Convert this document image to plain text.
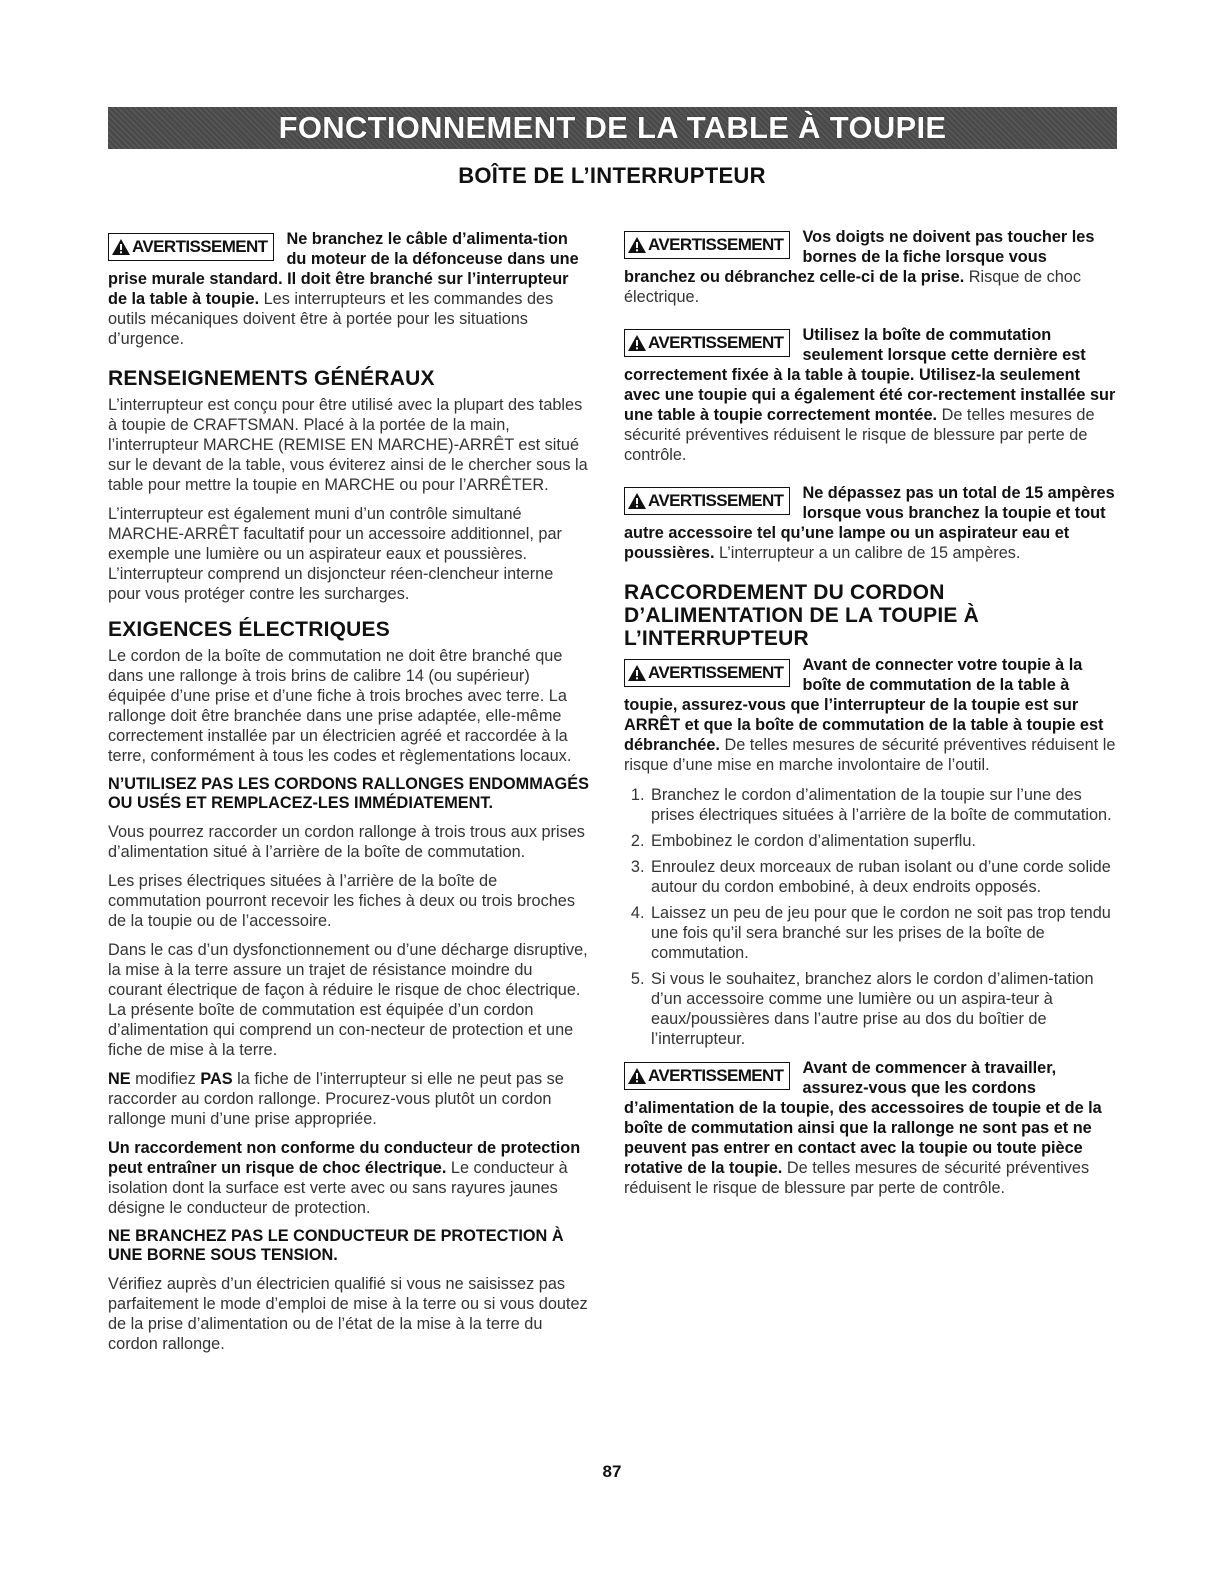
FONCTIONNEMENT DE LA TABLE À TOUPIE
BOÎTE DE L’INTERRUPTEUR

AVERTISSEMENT Ne branchez le câble d’alimenta-tion du moteur de la défonceuse dans une prise murale standard. Il doit être branché sur l’interrupteur de la table à toupie. Les interrupteurs et les commandes des outils mécaniques doivent être à portée pour les situations d’urgence.

RENSEIGNEMENTS GÉNÉRAUX

L’interrupteur est conçu pour être utilisé avec la plupart des tables à toupie de CRAFTSMAN. Placé à la portée de la main, l’interrupteur MARCHE (REMISE EN MARCHE)-ARRÊT est situé sur le devant de la table, vous éviterez ainsi de le chercher sous la table pour mettre la toupie en MARCHE ou pour l’ARRÊTER.

L’interrupteur est également muni d’un contrôle simultané MARCHE-ARRÊT facultatif pour un accessoire additionnel, par exemple une lumière ou un aspirateur eaux et poussières. L’interrupteur comprend un disjoncteur réen-clencheur interne pour vous protéger contre les surcharges.

EXIGENCES ÉLECTRIQUES

Le cordon de la boîte de commutation ne doit être branché que dans une rallonge à trois brins de calibre 14 (ou supérieur) équipée d’une prise et d’une fiche à trois broches avec terre. La rallonge doit être branchée dans une prise adaptée, elle-même correctement installée par un électricien agréé et raccordée à la terre, conformément à tous les codes et règlementations locaux.

N’UTILISEZ PAS LES CORDONS RALLONGES ENDOMMAGÉS OU USÉS ET REMPLACEZ-LES IMMÉDIATEMENT.

Vous pourrez raccorder un cordon rallonge à trois trous aux prises d’alimentation situé à l’arrière de la boîte de commutation.

Les prises électriques situées à l’arrière de la boîte de commutation pourront recevoir les fiches à deux ou trois broches de la toupie ou de l’accessoire.

Dans le cas d’un dysfonctionnement ou d’une décharge disruptive, la mise à la terre assure un trajet de résistance moindre du courant électrique de façon à réduire le risque de choc électrique. La présente boîte de commutation est équipée d’un cordon d’alimentation qui comprend un con-necteur de protection et une fiche de mise à la terre.

NE modifiez PAS la fiche de l’interrupteur si elle ne peut pas se raccorder au cordon rallonge. Procurez-vous plutôt un cordon rallonge muni d’une prise appropriée.

Un raccordement non conforme du conducteur de protection peut entraîner un risque de choc électrique. Le conducteur à isolation dont la surface est verte avec ou sans rayures jaunes désigne le conducteur de protection.

NE BRANCHEZ PAS LE CONDUCTEUR DE PROTECTION À UNE BORNE SOUS TENSION.

Vérifiez auprès d’un électricien qualifié si vous ne saisissez pas parfaitement le mode d’emploi de mise à la terre ou si vous doutez de la prise d’alimentation ou de l’état de la mise à la terre du cordon rallonge.

AVERTISSEMENT Vos doigts ne doivent pas toucher les bornes de la fiche lorsque vous branchez ou débranchez celle-ci de la prise. Risque de choc électrique.

AVERTISSEMENT Utilisez la boîte de commutation seulement lorsque cette dernière est correctement fixée à la table à toupie. Utilisez-la seulement avec une toupie qui a également été cor-rectement installée sur une table à toupie correctement montée. De telles mesures de sécurité préventives réduisent le risque de blessure par perte de contrôle.

AVERTISSEMENT Ne dépassez pas un total de 15 ampères lorsque vous branchez la toupie et tout autre accessoire tel qu’une lampe ou un aspirateur eau et poussières. L’interrupteur a un calibre de 15 ampères.

RACCORDEMENT DU CORDON D’ALIMENTATION DE LA TOUPIE À L’INTERRUPTEUR

AVERTISSEMENT Avant de connecter votre toupie à la boîte de commutation de la table à toupie, assurez-vous que l’interrupteur de la toupie est sur ARRÊT et que la boîte de commutation de la table à toupie est débranchée. De telles mesures de sécurité préventives réduisent le risque d’une mise en marche involontaire de l’outil.

1. Branchez le cordon d’alimentation de la toupie sur l’une des prises électriques situées à l’arrière de la boîte de commutation.
2. Embobinez le cordon d’alimentation superflu.
3. Enroulez deux morceaux de ruban isolant ou d’une corde solide autour du cordon embobiné, à deux endroits opposés.
4. Laissez un peu de jeu pour que le cordon ne soit pas trop tendu une fois qu’il sera branché sur les prises de la boîte de commutation.
5. Si vous le souhaitez, branchez alors le cordon d’alimen-tation d’un accessoire comme une lumière ou un aspira-teur à eaux/poussières dans l’autre prise au dos du boîtier de l’interrupteur.

AVERTISSEMENT Avant de commencer à travailler, assurez-vous que les cordons d’alimentation de la toupie, des accessoires de toupie et de la boîte de commutation ainsi que la rallonge ne sont pas et ne peuvent pas entrer en contact avec la toupie ou toute pièce rotative de la toupie. De telles mesures de sécurité préventives réduisent le risque de blessure par perte de contrôle.

87
